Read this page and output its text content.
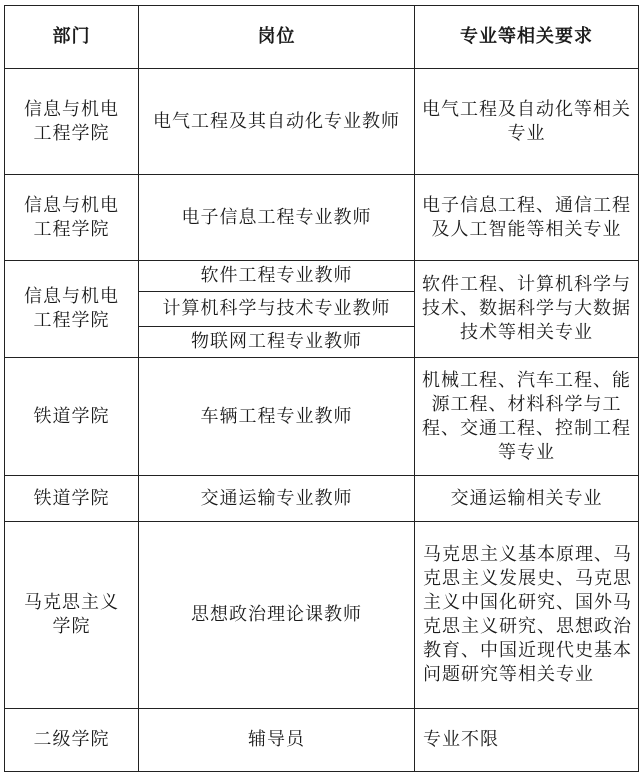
部门	岗位	专业等相关要求
信息与机电工程学院	电气工程及其自动化专业教师	电气工程及自动化等相关专业
信息与机电工程学院	电子信息工程专业教师	电子信息工程、通信工程及人工智能等相关专业
信息与机电工程学院	软件工程专业教师	软件工程、计算机科学与技术、数据科学与大数据技术等相关专业
	计算机科学与技术专业教师	
	物联网工程专业教师	
铁道学院	车辆工程专业教师	机械工程、汽车工程、能源工程、材料科学与工程、交通工程、控制工程等专业
铁道学院	交通运输专业教师	交通运输相关专业
马克思主义学院	思想政治理论课教师	马克思主义基本原理、马克思主义发展史、马克思主义中国化研究、国外马克思主义研究、思想政治教育、中国近现代史基本问题研究等相关专业
二级学院	辅导员	专业不限
